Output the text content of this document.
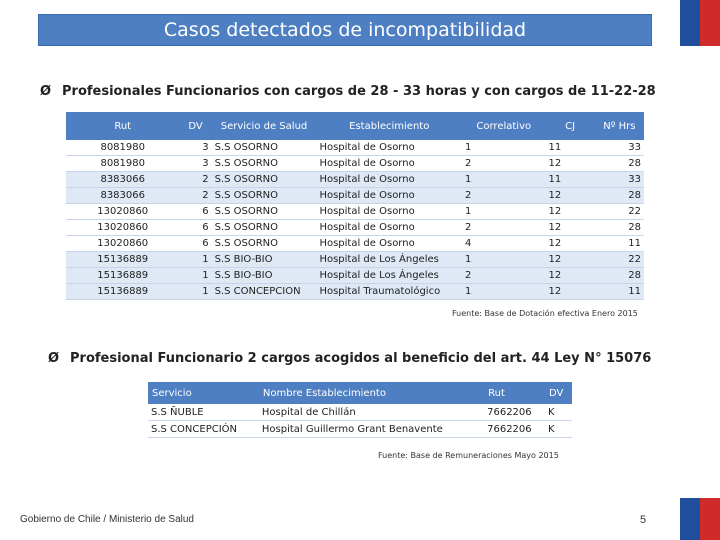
Casos detectados de incompatibilidad
Ø Profesionales Funcionarios con cargos de 28 - 33 horas y con cargos de 11-22-28
Rut	DV	Servicio de Salud	Establecimiento	Correlativo	CJ	Nº Hrs
8081980	3	S.S OSORNO	Hospital de Osorno	1	11	33
8081980	3	S.S OSORNO	Hospital de Osorno	2	12	28
8383066	2	S.S OSORNO	Hospital de Osorno	1	11	33
8383066	2	S.S OSORNO	Hospital de Osorno	2	12	28
13020860	6	S.S OSORNO	Hospital de Osorno	1	12	22
13020860	6	S.S OSORNO	Hospital de Osorno	2	12	28
13020860	6	S.S OSORNO	Hospital de Osorno	4	12	11
15136889	1	S.S BIO-BIO	Hospital de Los Ángeles	1	12	22
15136889	1	S.S BIO-BIO	Hospital de Los Ángeles	2	12	28
15136889	1	S.S CONCEPCION	Hospital Traumatológico	1	12	11
Fuente: Base de Dotación efectiva Enero 2015
Ø Profesional Funcionario 2 cargos acogidos al beneficio del art. 44 Ley N° 15076
Servicio	Nombre Establecimiento	Rut	DV
S.S ÑUBLE	Hospital de Chillán	7662206	K
S.S CONCEPCIÓN	Hospital Guillermo Grant Benavente	7662206	K
Fuente: Base de Remuneraciones Mayo 2015
Gobierno de Chile / Ministerio de Salud	5
